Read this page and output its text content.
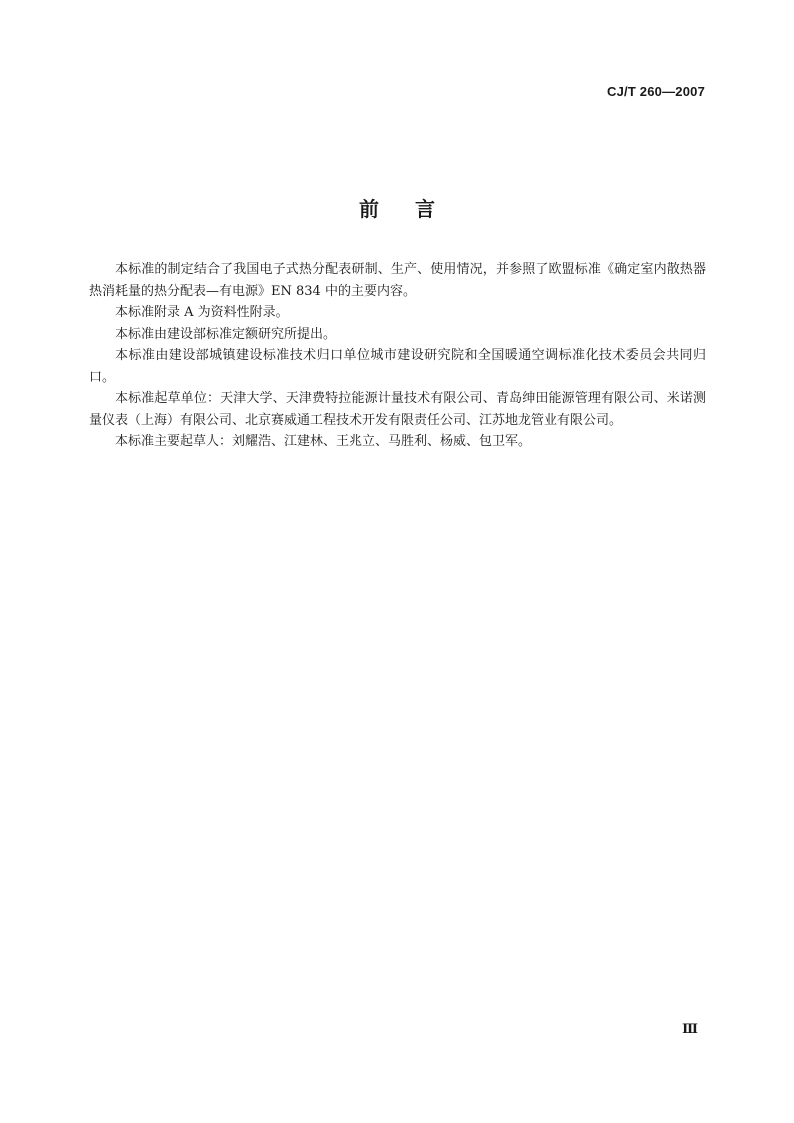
CJ/T 260—2007
前言

本标准的制定结合了我国电子式热分配表研制、生产、使用情况，并参照了欧盟标准《确定室内散热器热消耗量的热分配表—有电源》EN 834 中的主要内容。

本标准附录 A 为资料性附录。

本标准由建设部标准定额研究所提出。

本标准由建设部城镇建设标准技术归口单位城市建设研究院和全国暖通空调标准化技术委员会共同归口。

本标准起草单位：天津大学、天津费特拉能源计量技术有限公司、青岛绅田能源管理有限公司、米诺测量仪表（上海）有限公司、北京赛威通工程技术开发有限责任公司、江苏地龙管业有限公司。

本标准主要起草人：刘耀浩、江建林、王兆立、马胜利、杨威、包卫军。

Ⅲ
